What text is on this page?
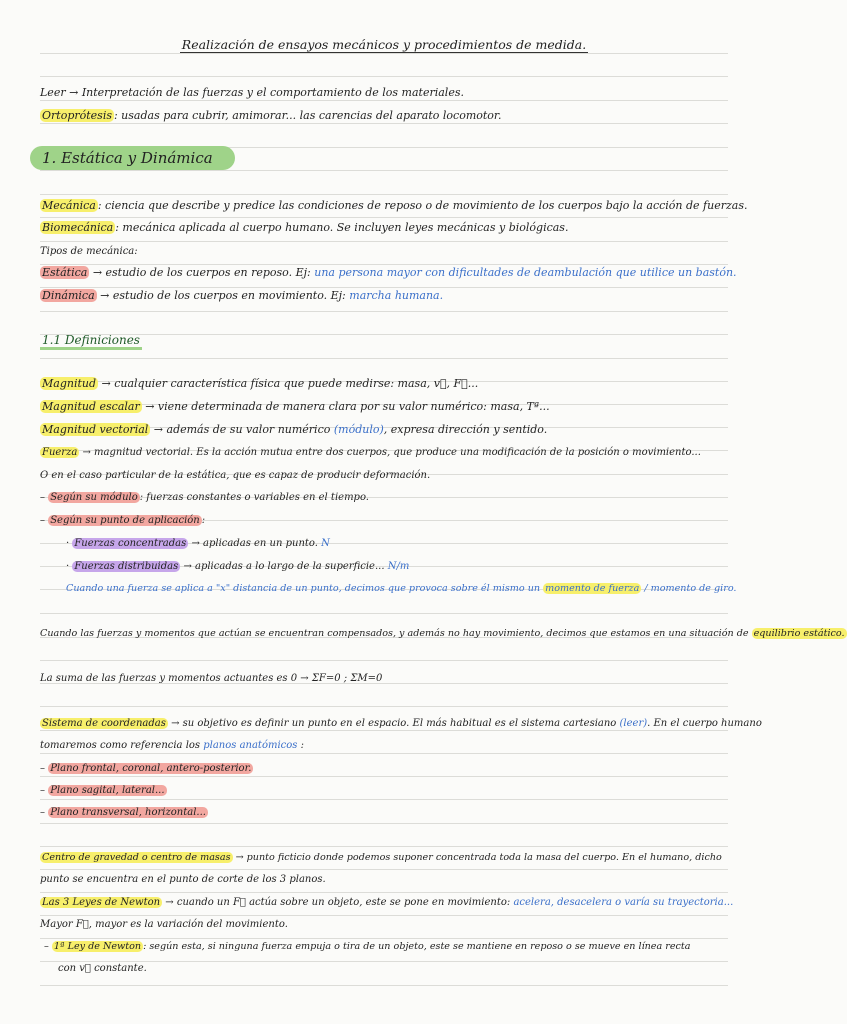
Realización de ensayos mecánicos y procedimientos de medida.
Leer → Interpretación de las fuerzas y el comportamiento de los materiales.
Ortoprótesis : usadas para cubrir, amimorar... las carencias del aparato locomotor.
1. Estática y Dinámica
Mecánica : ciencia que describe y predice las condiciones de reposo o de movimiento de los cuerpos bajo la acción de fuerzas.
Biomecánica : mecánica aplicada al cuerpo humano. Se incluyen leyes mecánicas y biológicas.
Tipos de mecánica:
Estática → estudio de los cuerpos en reposo. Ej: una persona mayor con dificultades de deambulación que utilice un bastón.
Dinámica → estudio de los cuerpos en movimiento. Ej: marcha humana.
1.1 Definiciones
Magnitud → cualquier característica física que puede medirse: masa, v⃗, F⃗...
Magnitud escalar → viene determinada de manera clara por su valor numérico: masa, Tª...
Magnitud vectorial → además de su valor numérico (módulo), expresa dirección y sentido.
Fuerza → magnitud vectorial. Es la acción mutua entre dos cuerpos, que produce una modificación de la posición o movimiento...
O en el caso particular de la estática, que es capaz de producir deformación.
– Según su módulo : fuerzas constantes o variables en el tiempo.
– Según su punto de aplicación :
· Fuerzas concentradas → aplicadas en un punto. N
· Fuerzas distribuidas → aplicadas a lo largo de la superficie... N/m
Cuando una fuerza se aplica a "x" distancia de un punto, decimos que provoca sobre él mismo un momento de fuerza / momento de giro.
Cuando las fuerzas y momentos que actúan se encuentran compensados, y además no hay movimiento, decimos que estamos en una situación de equilibrio estático.
La suma de las fuerzas y momentos actuantes es 0 → ΣF=0 ; ΣM=0
Sistema de coordenadas → su objetivo es definir un punto en el espacio. El más habitual es el sistema cartesiano (leer). En el cuerpo humano
tomaremos como referencia los planos anatómicos :
– Plano frontal, coronal, antero-posterior.
– Plano sagital, lateral...
– Plano transversal, horizontal...
Centro de gravedad o centro de masas → punto ficticio donde podemos suponer concentrada toda la masa del cuerpo. En el humano, dicho
punto se encuentra en el punto de corte de los 3 planos.
Las 3 Leyes de Newton → cuando un F⃗ actúa sobre un objeto, este se pone en movimiento: acelera, desacelera o varía su trayectoria...
Mayor F⃗, mayor es la variación del movimiento.
– 1ª Ley de Newton : según esta, si ninguna fuerza empuja o tira de un objeto, este se mantiene en reposo o se mueve en línea recta
con v⃗ constante.
